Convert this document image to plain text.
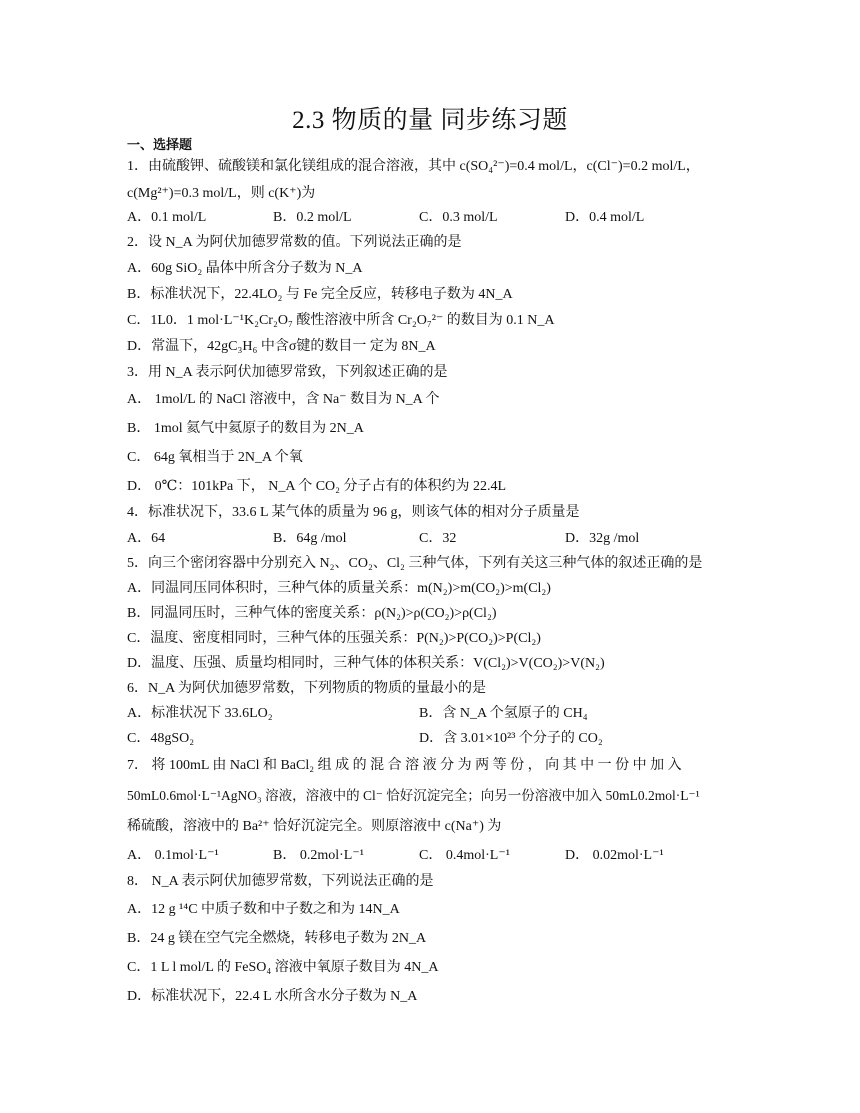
2.3 物质的量 同步练习题
一、选择题
1．由硫酸钾、硫酸镁和氯化镁组成的混合溶液，其中 c(SO₄²⁻)=0.4 mol/L，c(Cl⁻)=0.2 mol/L，
c(Mg²⁺)=0.3 mol/L，则 c(K⁺)为
A．0.1 mol/L	B．0.2 mol/L	C．0.3 mol/L	D．0.4 mol/L
2．设 N_A 为阿伏加德罗常数的值。下列说法正确的是
A．60g SiO₂ 晶体中所含分子数为 N_A
B．标准状况下，22.4LO₂ 与 Fe 完全反应，转移电子数为 4N_A
C．1L0．1 mol·L⁻¹K₂Cr₂O₇ 酸性溶液中所含 Cr₂O₇²⁻ 的数目为 0.1 N_A
D．常温下，42gC₃H₆ 中含σ键的数目一 定为 8N_A
3．用 N_A 表示阿伏加德罗常致，下列叙述正确的是
A． 1mol/L 的 NaCl 溶液中，含 Na⁻ 数目为 N_A 个
B． 1mol 氦气中氦原子的数目为 2N_A
C． 64g 氧相当于 2N_A 个氧
D． 0℃：101kPa 下， N_A 个 CO₂ 分子占有的体积约为 22.4L
4．标准状况下，33.6 L 某气体的质量为 96 g，则该气体的相对分子质量是
A．64	B．64g /mol	C．32	D．32g /mol
5．向三个密闭容器中分别充入 N₂、CO₂、Cl₂ 三种气体，下列有关这三种气体的叙述正确的是
A．同温同压同体积时，三种气体的质量关系：m(N₂)>m(CO₂)>m(Cl₂)
B．同温同压时，三种气体的密度关系：ρ(N₂)>ρ(CO₂)>ρ(Cl₂)
C．温度、密度相同时，三种气体的压强关系：P(N₂)>P(CO₂)>P(Cl₂)
D．温度、压强、质量均相同时，三种气体的体积关系：V(Cl₂)>V(CO₂)>V(N₂)
6．N_A 为阿伏加德罗常数，下列物质的物质的量最小的是
A．标准状况下 33.6LO₂	B．含 N_A 个氢原子的 CH₄
C．48gSO₂	D．含 3.01×10²³ 个分子的 CO₂
7． 将 100mL 由 NaCl 和 BaCl₂ 组 成 的 混 合 溶 液 分 为 两 等 份 ， 向 其 中 一 份 中 加 入
50mL0.6mol·L⁻¹AgNO₃ 溶液，溶液中的 Cl⁻ 恰好沉淀完全；向另一份溶液中加入 50mL0.2mol·L⁻¹
稀硫酸，溶液中的 Ba²⁺ 恰好沉淀完全。则原溶液中 c(Na⁺) 为
A． 0.1mol·L⁻¹	B． 0.2mol·L⁻¹	C． 0.4mol·L⁻¹	D． 0.02mol·L⁻¹
8． N_A 表示阿伏加德罗常数，下列说法正确的是
A．12 g ¹⁴C 中质子数和中子数之和为 14N_A
B．24 g 镁在空气完全燃烧，转移电子数为 2N_A
C．1 L l mol/L 的 FeSO₄ 溶液中氧原子数目为 4N_A
D．标准状况下，22.4 L 水所含水分子数为 N_A
